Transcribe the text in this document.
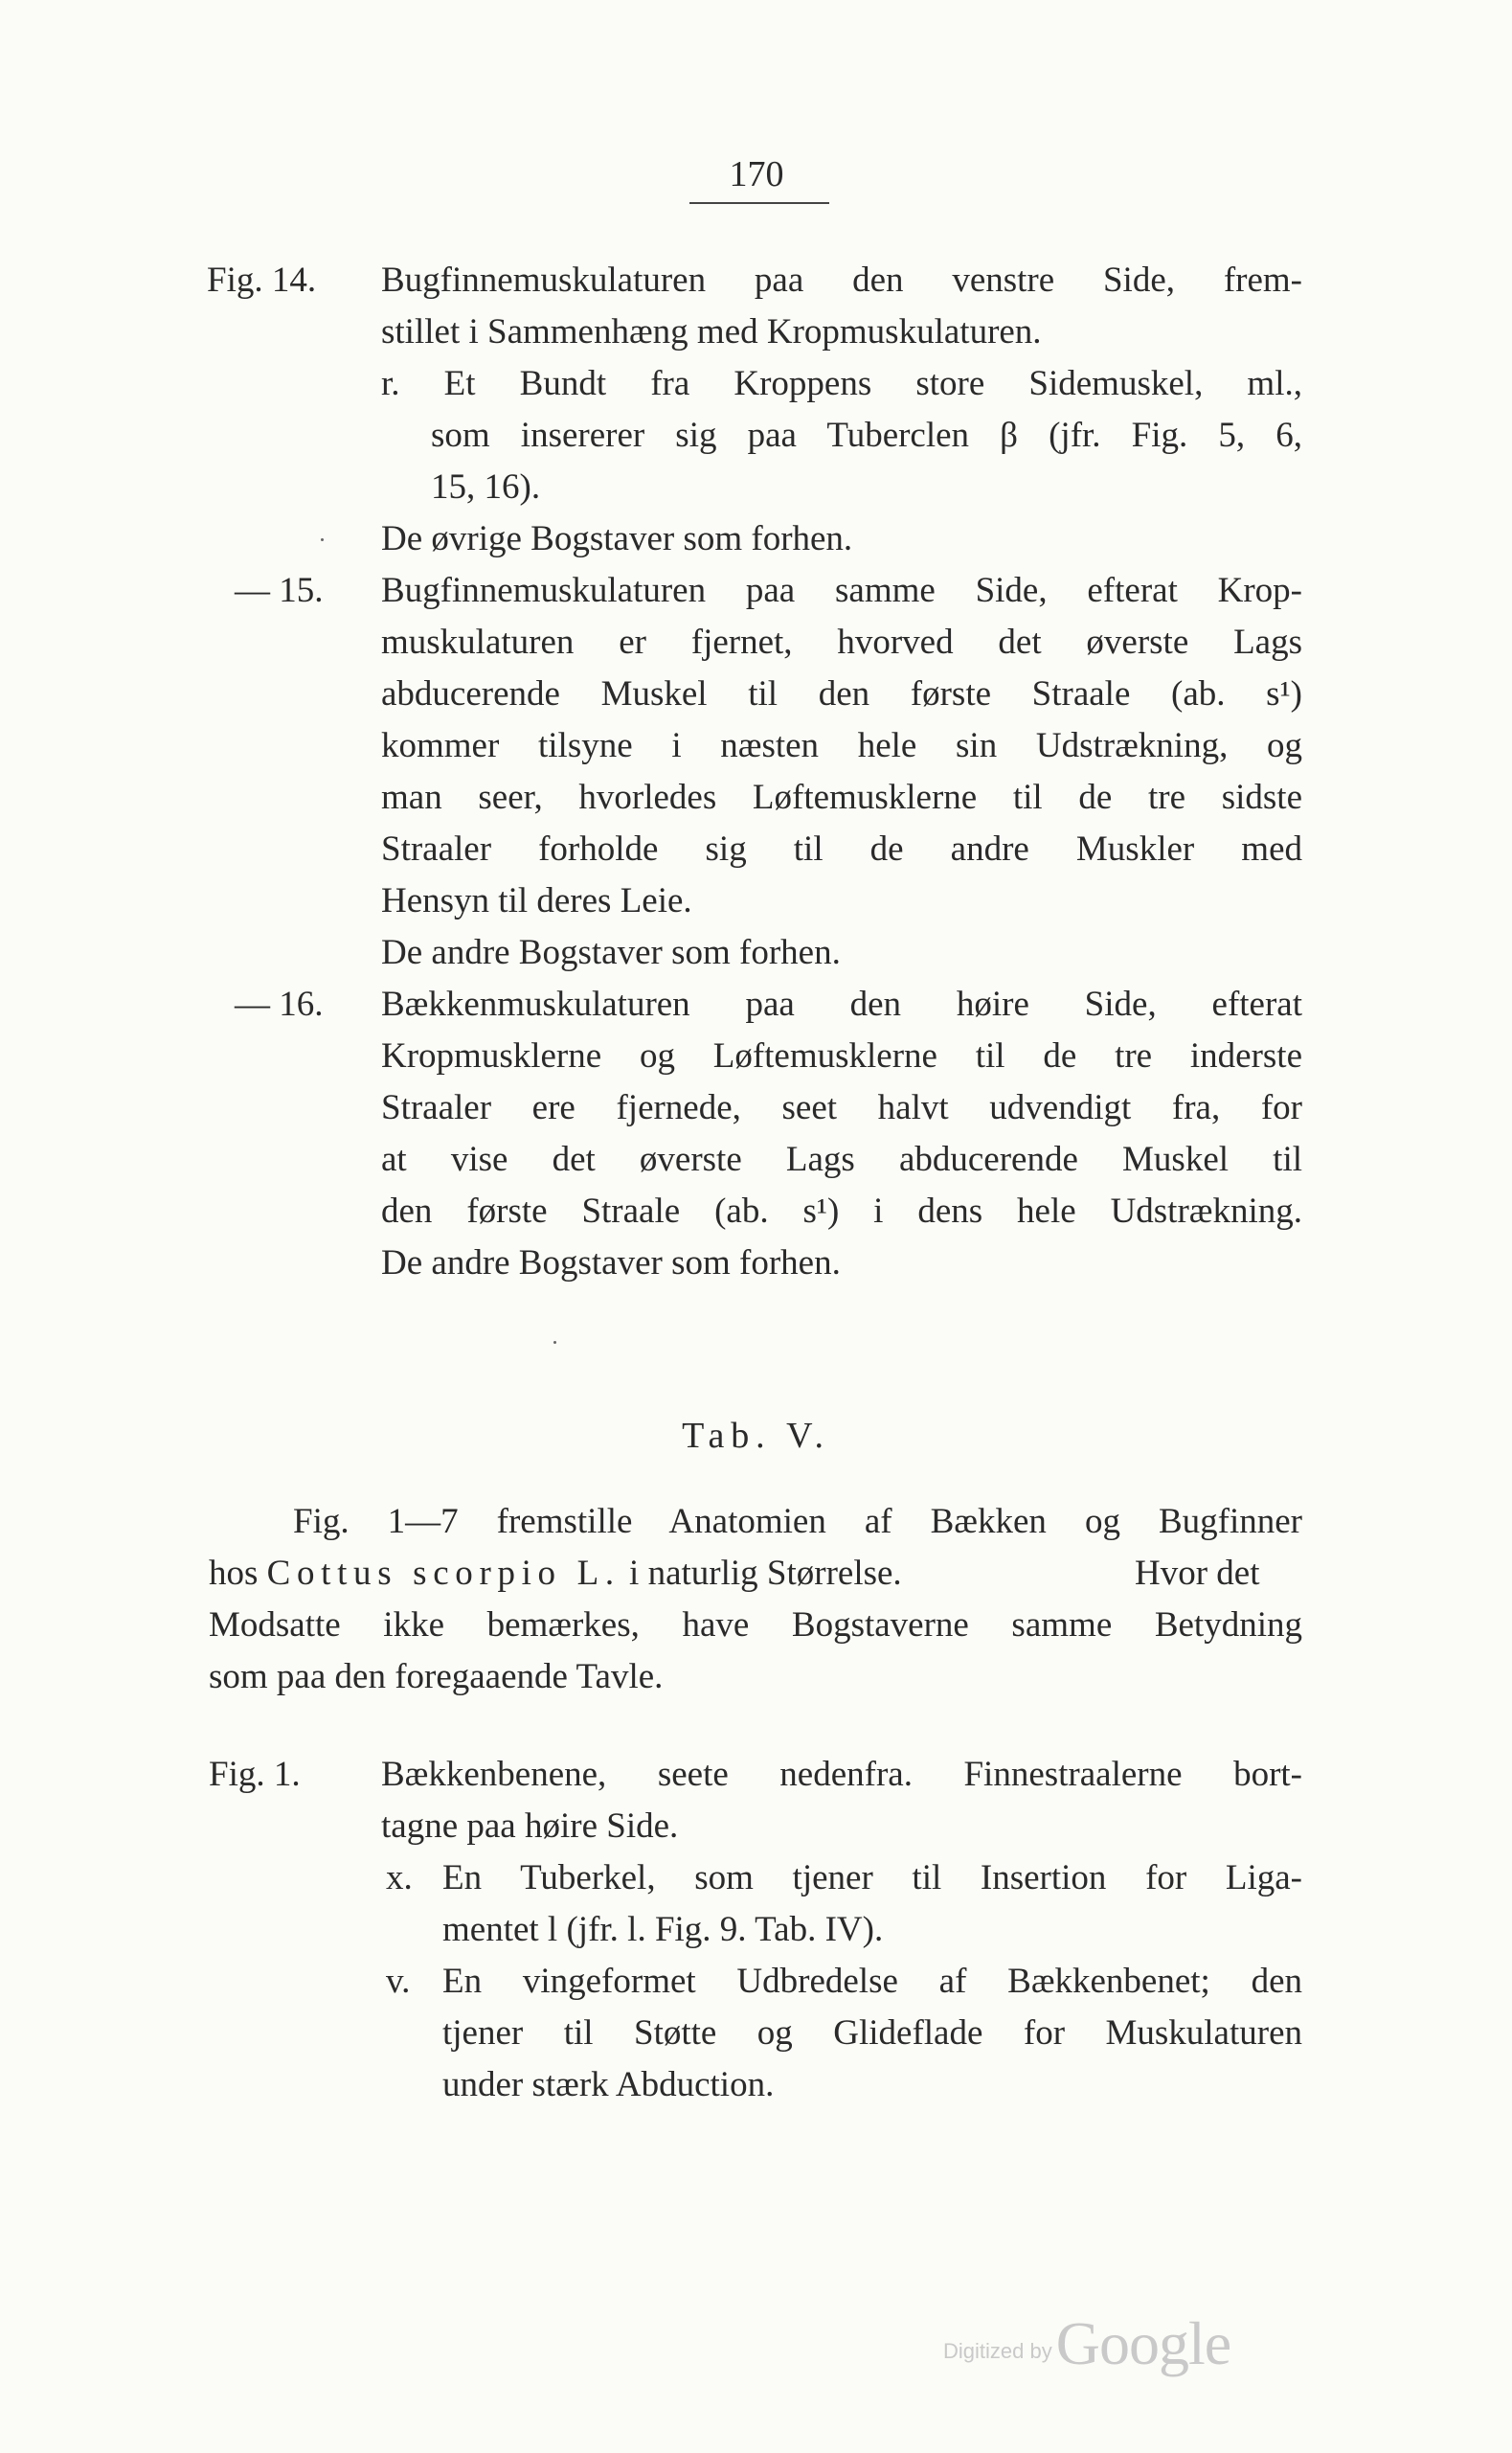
170
Fig. 14. Bugfinnemuskulaturen paa den venstre Side, frem-
stillet i Sammenhæng med Kropmuskulaturen.
r. Et Bundt fra Kroppens store Sidemuskel, ml.,
som insererer sig paa Tuberclen β (jfr. Fig. 5, 6,
15, 16).
De øvrige Bogstaver som forhen.
— 15. Bugfinnemuskulaturen paa samme Side, efterat Krop-
muskulaturen er fjernet, hvorved det øverste Lags
abducerende Muskel til den første Straale (ab. s¹)
kommer tilsyne i næsten hele sin Udstrækning, og
man seer, hvorledes Løftemusklerne til de tre sidste
Straaler forholde sig til de andre Muskler med
Hensyn til deres Leie.
De andre Bogstaver som forhen.
— 16. Bækkenmuskulaturen paa den høire Side, efterat
Kropmusklerne og Løftemusklerne til de tre inderste
Straaler ere fjernede, seet halvt udvendigt fra, for
at vise det øverste Lags abducerende Muskel til
den første Straale (ab. s¹) i dens hele Udstrækning.
De andre Bogstaver som forhen.
Tab. V.
Fig. 1—7 fremstille Anatomien af Bækken og Bugfinner
hos Cottus scorpio L. i naturlig Størrelse.	Hvor det
Modsatte ikke bemærkes, have Bogstaverne samme Betydning
som paa den foregaaende Tavle.
Fig. 1. Bækkenbenene, seete nedenfra. Finnestraalerne bort-
tagne paa høire Side.
x. En Tuberkel, som tjener til Insertion for Liga-
mentet l (jfr. l. Fig. 9. Tab. IV).
v. En vingeformet Udbredelse af Bækkenbenet; den
tjener til Støtte og Glideflade for Muskulaturen
under stærk Abduction.
Digitized by Google
